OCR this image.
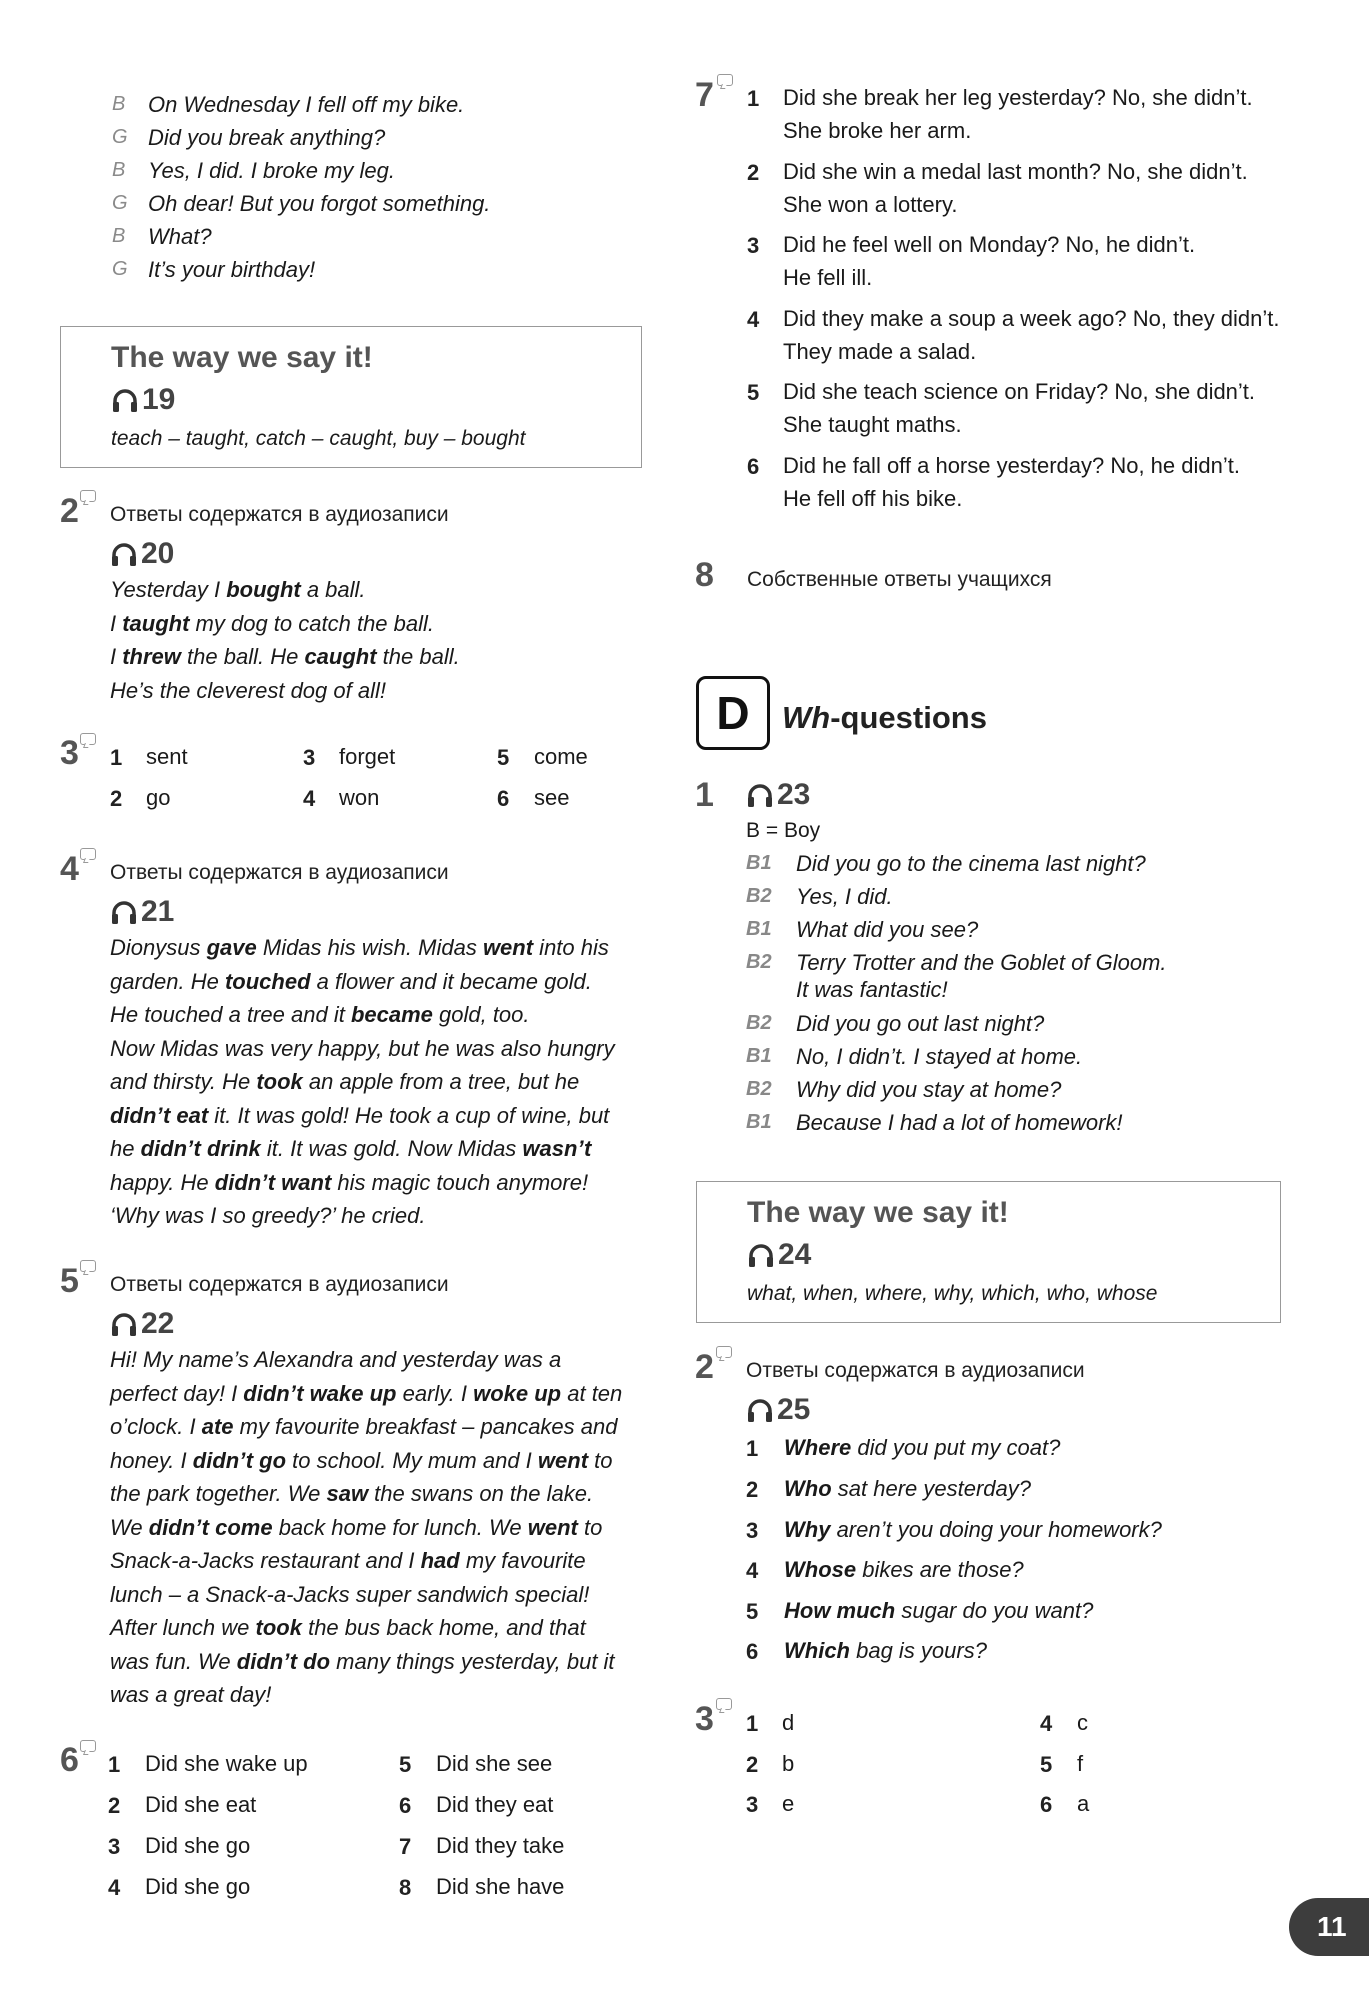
B On Wednesday I fell off my bike.
G Did you break anything?
B Yes, I did. I broke my leg.
G Oh dear! But you forgot something.
B What?
G It’s your birthday!
The way we say it!
19
teach – taught, catch – caught, buy – bought
2 Ответы содержатся в аудиозаписи
20
Yesterday I bought a ball.
I taught my dog to catch the ball.
I threw the ball. He caught the ball.
He’s the cleverest dog of all!
3 1 sent	3 forget	5 come
2 go	4 won	6 see
4 Ответы содержатся в аудиозаписи
21
Dionysus gave Midas his wish. Midas went into his
garden. He touched a flower and it became gold.
He touched a tree and it became gold, too.
Now Midas was very happy, but he was also hungry
and thirsty. He took an apple from a tree, but he
didn’t eat it. It was gold! He took a cup of wine, but
he didn’t drink it. It was gold. Now Midas wasn’t
happy. He didn’t want his magic touch anymore!
‘Why was I so greedy?’ he cried.
5 Ответы содержатся в аудиозаписи
22
Hi! My name’s Alexandra and yesterday was a
perfect day! I didn’t wake up early. I woke up at ten
o’clock. I ate my favourite breakfast – pancakes and
honey. I didn’t go to school. My mum and I went to
the park together. We saw the swans on the lake.
We didn’t come back home for lunch. We went to
Snack-a-Jacks restaurant and I had my favourite
lunch – a Snack-a-Jacks super sandwich special!
After lunch we took the bus back home, and that
was fun. We didn’t do many things yesterday, but it
was a great day!
6 1 Did she wake up	5 Did she see
2 Did she eat	6 Did they eat
3 Did she go	7 Did they take
4 Did she go	8 Did she have
7 1 Did she break her leg yesterday? No, she didn’t.
She broke her arm.
2 Did she win a medal last month? No, she didn’t.
She won a lottery.
3 Did he feel well on Monday? No, he didn’t.
He fell ill.
4 Did they make a soup a week ago? No, they didn’t.
They made a salad.
5 Did she teach science on Friday? No, she didn’t.
She taught maths.
6 Did he fall off a horse yesterday? No, he didn’t.
He fell off his bike.
8 Собственные ответы учащихся
D	Wh-questions
1 23
B = Boy
B1 Did you go to the cinema last night?
B2 Yes, I did.
B1 What did you see?
B2 Terry Trotter and the Goblet of Gloom.
It was fantastic!
B2 Did you go out last night?
B1 No, I didn’t. I stayed at home.
B2 Why did you stay at home?
B1 Because I had a lot of homework!
The way we say it!
24
what, when, where, why, which, who, whose
2 Ответы содержатся в аудиозаписи
25
1 Where did you put my coat?
2 Who sat here yesterday?
3 Why aren’t you doing your homework?
4 Whose bikes are those?
5 How much sugar do you want?
6 Which bag is yours?
3 1 d	4 c
2 b	5 f
3 e	6 a
11
